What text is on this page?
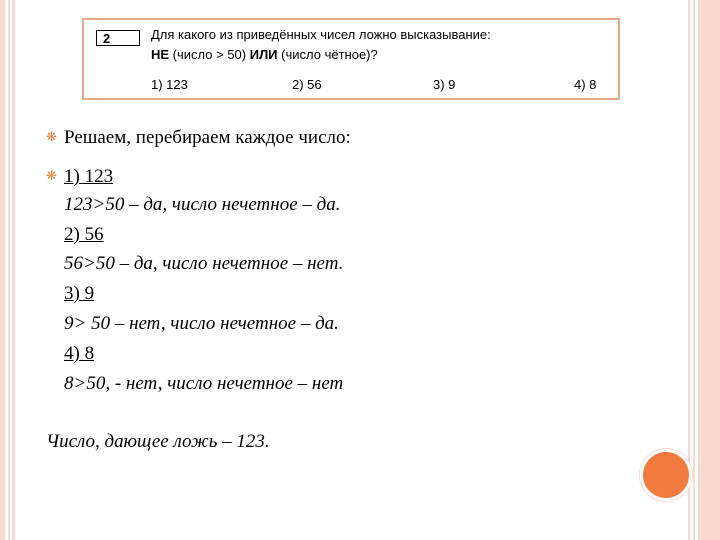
2	Для какого из приведённых чисел ложно высказывание:
НЕ (число > 50) ИЛИ (число чётное)?
1) 123	2) 56	3) 9	4) 8
❋ Решаем, перебираем каждое число:
❋ 1) 123
123>50 – да, число нечетное – да.
2) 56
56>50 – да, число нечетное – нет.
3) 9
9> 50 – нет, число нечетное – да.
4) 8
8>50, - нет, число нечетное – нет
Число, дающее ложь – 123.
